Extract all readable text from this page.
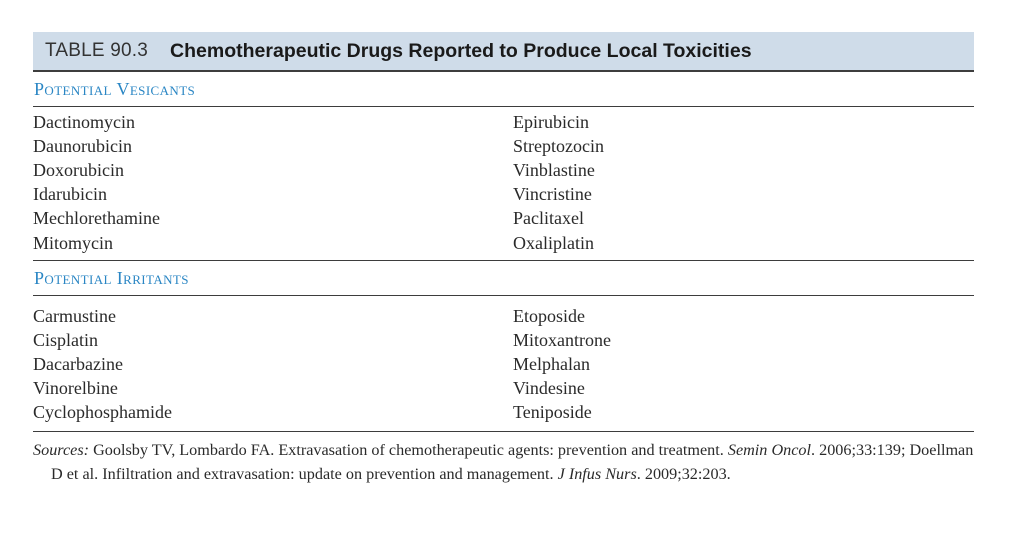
TABLE 90.3 Chemotherapeutic Drugs Reported to Produce Local Toxicities
Potential Vesicants
Dactinomycin	Epirubicin
Daunorubicin	Streptozocin
Doxorubicin	Vinblastine
Idarubicin	Vincristine
Mechlorethamine	Paclitaxel
Mitomycin	Oxaliplatin
Potential Irritants
Carmustine	Etoposide
Cisplatin	Mitoxantrone
Dacarbazine	Melphalan
Vinorelbine	Vindesine
Cyclophosphamide	Teniposide
Sources: Goolsby TV, Lombardo FA. Extravasation of chemotherapeutic agents: prevention and treatment. Semin Oncol. 2006;33:139; Doellman D et al. Infiltration and extravasation: update on prevention and management. J Infus Nurs. 2009;32:203.
